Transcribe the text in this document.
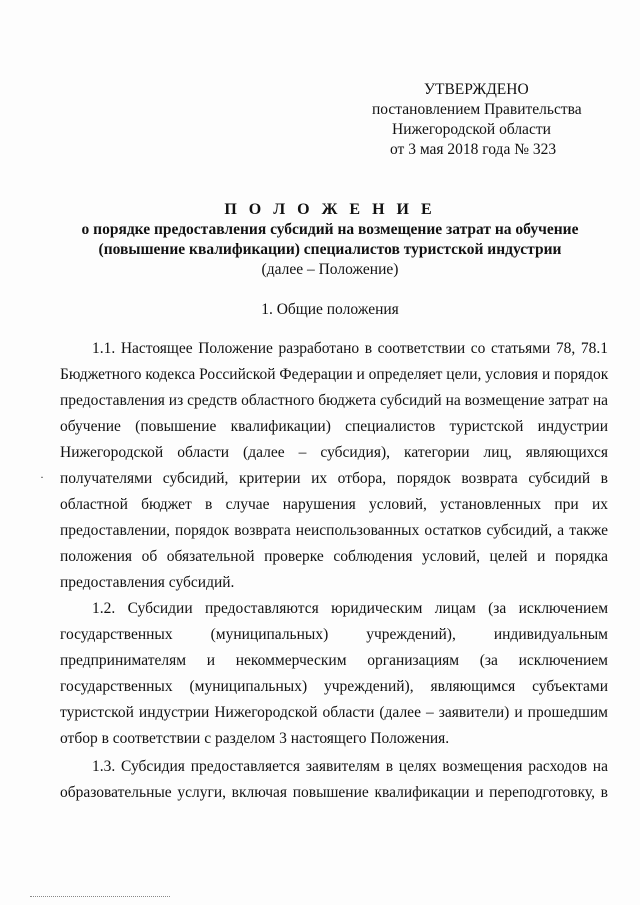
УТВЕРЖДЕНО
постановлением Правительства
Нижегородской области
от 3 мая 2018 года № 323
П О Л О Ж Е Н И Е
о порядке предоставления субсидий на возмещение затрат на обучение
(повышение квалификации) специалистов туристской индустрии
(далее – Положение)
1. Общие положения
1.1. Настоящее Положение разработано в соответствии со статьями 78, 78.1
Бюджетного кодекса Российской Федерации и определяет цели, условия и порядок
предоставления из средств областного бюджета субсидий на возмещение затрат на
обучение (повышение квалификации) специалистов туристской индустрии
Нижегородской области (далее – субсидия), категории лиц, являющихся
получателями субсидий, критерии их отбора, порядок возврата субсидий в
областной бюджет в случае нарушения условий, установленных при их
предоставлении, порядок возврата неиспользованных остатков субсидий, а также
положения об обязательной проверке соблюдения условий, целей и порядка
предоставления субсидий.
1.2. Субсидии предоставляются юридическим лицам (за исключением
государственных (муниципальных) учреждений), индивидуальным
предпринимателям и некоммерческим организациям (за исключением
государственных (муниципальных) учреждений), являющимся субъектами
туристской индустрии Нижегородской области (далее – заявители) и прошедшим
отбор в соответствии с разделом 3 настоящего Положения.
1.3. Субсидия предоставляется заявителям в целях возмещения расходов на
образовательные услуги, включая повышение квалификации и переподготовку, в
·
